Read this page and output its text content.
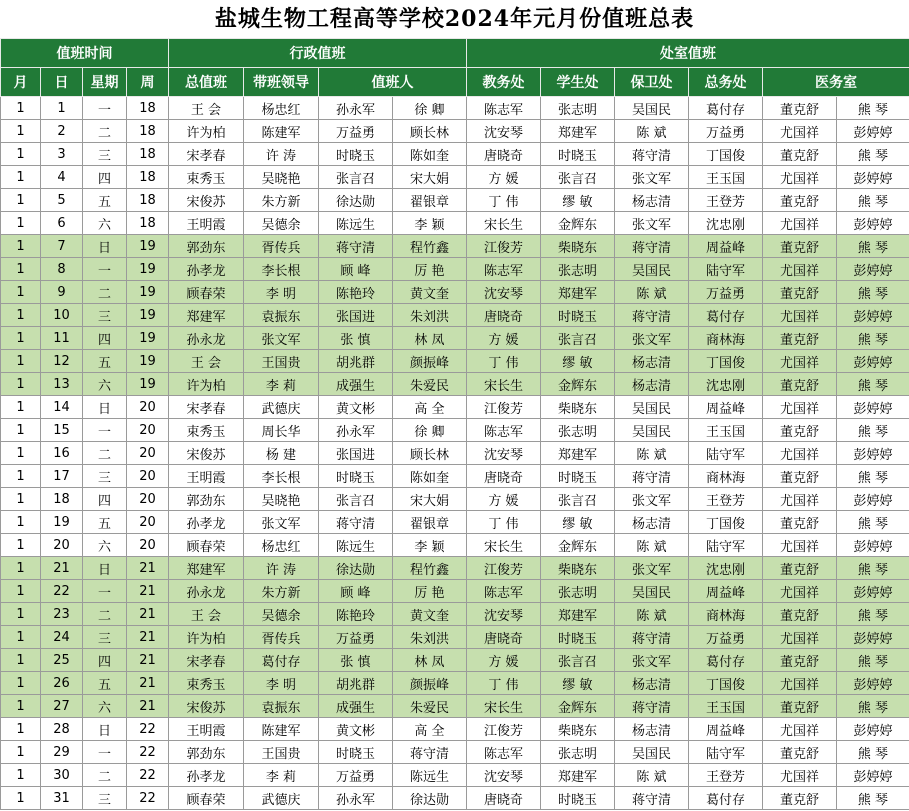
盐城生物工程高等学校2024年元月份值班总表
值班时间				行政值班				处室值班					
月	日	星期	周	总值班	带班领导	值班人		教务处	学生处	保卫处	总务处	医务室	
1	1	一	18	王 会	杨忠红	孙永军	徐 卿	陈志军	张志明	吴国民	葛付存	董克舒	熊 琴
1	2	二	18	许为柏	陈建军	万益勇	顾长林	沈安琴	郑建军	陈 斌	万益勇	尤国祥	彭婷婷
1	3	三	18	宋孝春	许 涛	时晓玉	陈如奎	唐晓奇	时晓玉	蒋守清	丁国俊	董克舒	熊 琴
1	4	四	18	束秀玉	吴晓艳	张言召	宋大娟	方 媛	张言召	张文军	王玉国	尤国祥	彭婷婷
1	5	五	18	宋俊苏	朱方新	徐达勋	翟银章	丁 伟	缪 敏	杨志清	王登芳	董克舒	熊 琴
1	6	六	18	王明霞	吴德余	陈远生	李 颖	宋长生	金辉东	张文军	沈忠刚	尤国祥	彭婷婷
1	7	日	19	郭劲东	胥传兵	蒋守清	程竹鑫	江俊芳	柴晓东	蒋守清	周益峰	董克舒	熊 琴
1	8	一	19	孙孝龙	李长根	顾 峰	厉 艳	陈志军	张志明	吴国民	陆守军	尤国祥	彭婷婷
1	9	二	19	顾春荣	李 明	陈艳玲	黄文奎	沈安琴	郑建军	陈 斌	万益勇	董克舒	熊 琴
1	10	三	19	郑建军	袁振东	张国进	朱刘洪	唐晓奇	时晓玉	蒋守清	葛付存	尤国祥	彭婷婷
1	11	四	19	孙永龙	张文军	张 慎	林 凤	方 媛	张言召	张文军	商林海	董克舒	熊 琴
1	12	五	19	王 会	王国贵	胡兆群	颜振峰	丁 伟	缪 敏	杨志清	丁国俊	尤国祥	彭婷婷
1	13	六	19	许为柏	李 莉	成强生	朱爱民	宋长生	金辉东	杨志清	沈忠刚	董克舒	熊 琴
1	14	日	20	宋孝春	武德庆	黄文彬	高 全	江俊芳	柴晓东	吴国民	周益峰	尤国祥	彭婷婷
1	15	一	20	束秀玉	周长华	孙永军	徐 卿	陈志军	张志明	吴国民	王玉国	董克舒	熊 琴
1	16	二	20	宋俊苏	杨 建	张国进	顾长林	沈安琴	郑建军	陈 斌	陆守军	尤国祥	彭婷婷
1	17	三	20	王明霞	李长根	时晓玉	陈如奎	唐晓奇	时晓玉	蒋守清	商林海	董克舒	熊 琴
1	18	四	20	郭劲东	吴晓艳	张言召	宋大娟	方 媛	张言召	张文军	王登芳	尤国祥	彭婷婷
1	19	五	20	孙孝龙	张文军	蒋守清	翟银章	丁 伟	缪 敏	杨志清	丁国俊	董克舒	熊 琴
1	20	六	20	顾春荣	杨忠红	陈远生	李 颖	宋长生	金辉东	陈 斌	陆守军	尤国祥	彭婷婷
1	21	日	21	郑建军	许 涛	徐达勋	程竹鑫	江俊芳	柴晓东	张文军	沈忠刚	董克舒	熊 琴
1	22	一	21	孙永龙	朱方新	顾 峰	厉 艳	陈志军	张志明	吴国民	周益峰	尤国祥	彭婷婷
1	23	二	21	王 会	吴德余	陈艳玲	黄文奎	沈安琴	郑建军	陈 斌	商林海	董克舒	熊 琴
1	24	三	21	许为柏	胥传兵	万益勇	朱刘洪	唐晓奇	时晓玉	蒋守清	万益勇	尤国祥	彭婷婷
1	25	四	21	宋孝春	葛付存	张 慎	林 凤	方 媛	张言召	张文军	葛付存	董克舒	熊 琴
1	26	五	21	束秀玉	李 明	胡兆群	颜振峰	丁 伟	缪 敏	杨志清	丁国俊	尤国祥	彭婷婷
1	27	六	21	宋俊苏	袁振东	成强生	朱爱民	宋长生	金辉东	蒋守清	王玉国	董克舒	熊 琴
1	28	日	22	王明霞	陈建军	黄文彬	高 全	江俊芳	柴晓东	杨志清	周益峰	尤国祥	彭婷婷
1	29	一	22	郭劲东	王国贵	时晓玉	蒋守清	陈志军	张志明	吴国民	陆守军	董克舒	熊 琴
1	30	二	22	孙孝龙	李 莉	万益勇	陈远生	沈安琴	郑建军	陈 斌	王登芳	尤国祥	彭婷婷
1	31	三	22	顾春荣	武德庆	孙永军	徐达勋	唐晓奇	时晓玉	蒋守清	葛付存	董克舒	熊 琴
